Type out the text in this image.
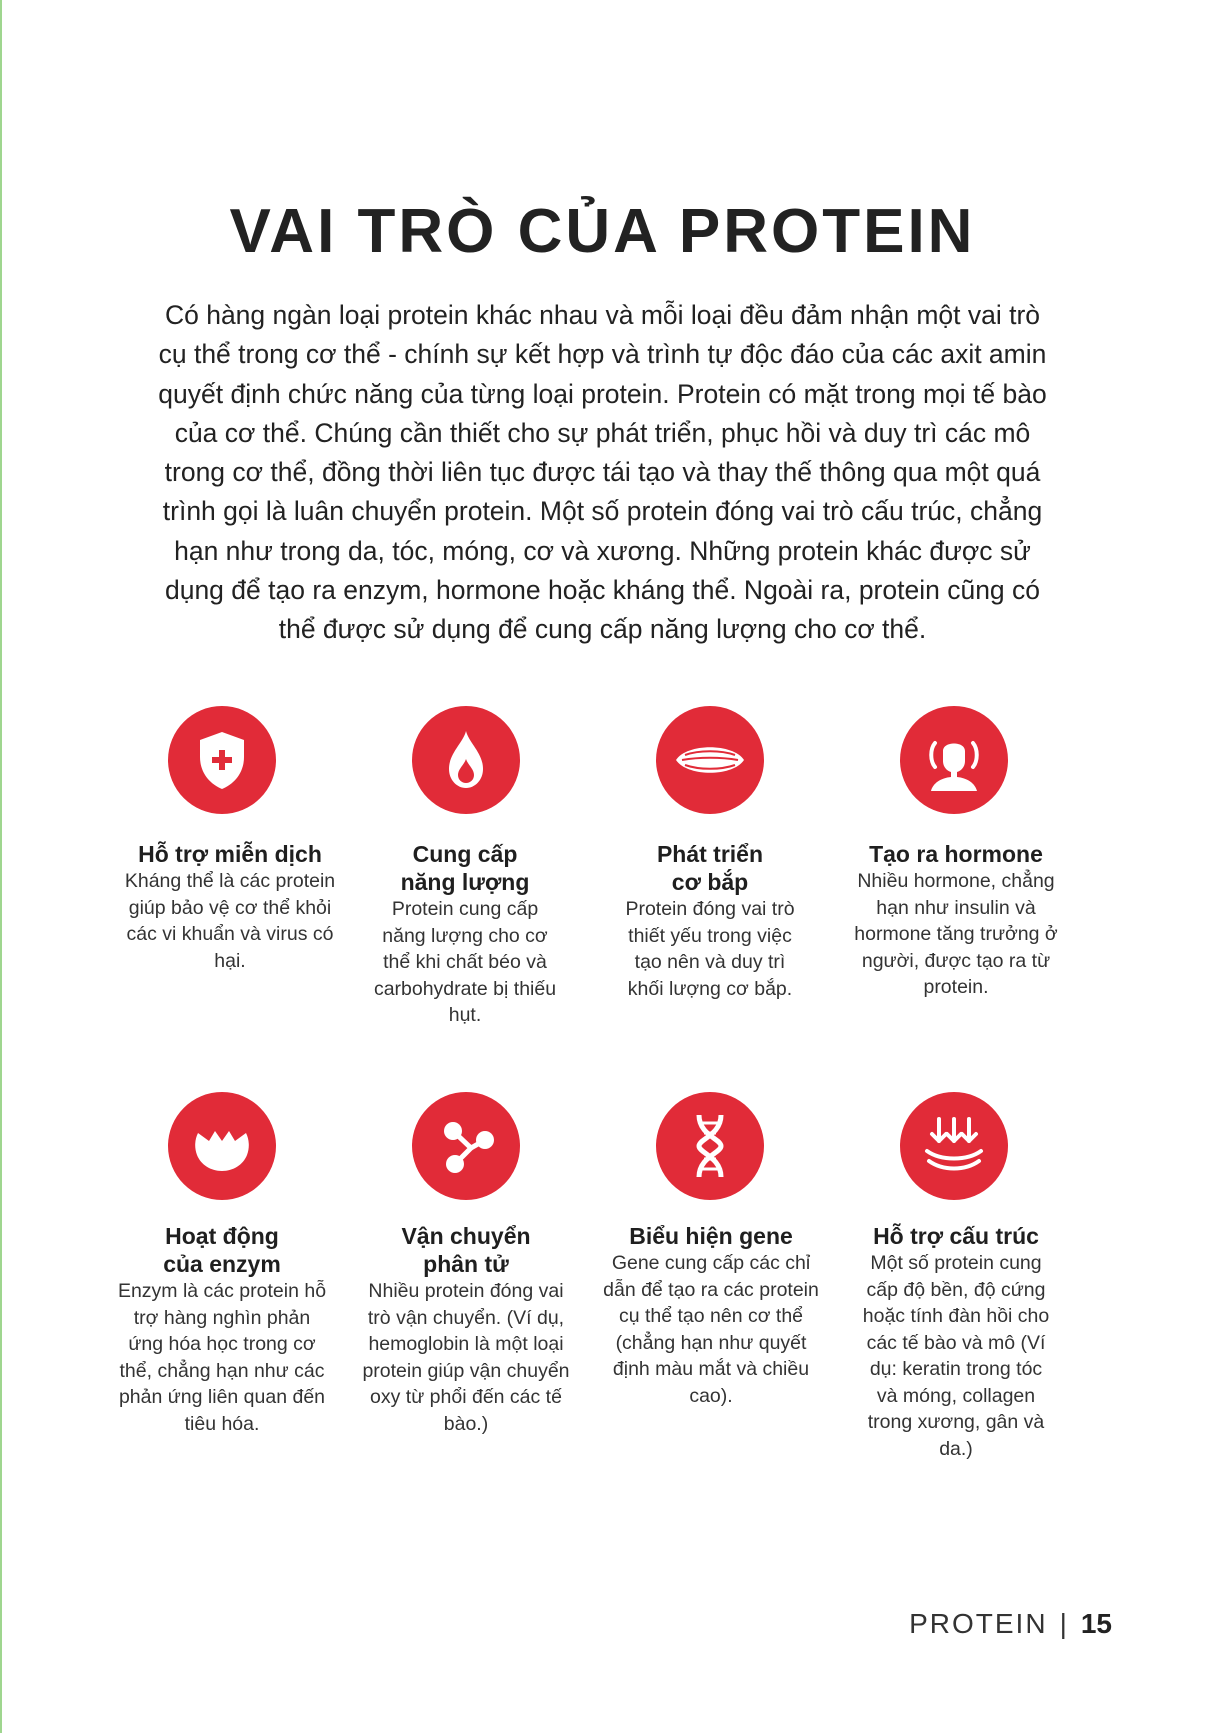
VAI TRÒ CỦA PROTEIN

Có hàng ngàn loại protein khác nhau và mỗi loại đều đảm nhận một vai trò cụ thể trong cơ thể - chính sự kết hợp và trình tự độc đáo của các axit amin quyết định chức năng của từng loại protein. Protein có mặt trong mọi tế bào của cơ thể. Chúng cần thiết cho sự phát triển, phục hồi và duy trì các mô trong cơ thể, đồng thời liên tục được tái tạo và thay thế thông qua một quá trình gọi là luân chuyển protein. Một số protein đóng vai trò cấu trúc, chẳng hạn như trong da, tóc, móng, cơ và xương. Những protein khác được sử dụng để tạo ra enzym, hormone hoặc kháng thể. Ngoài ra, protein cũng có thể được sử dụng để cung cấp năng lượng cho cơ thể.

Hỗ trợ miễn dịch
Kháng thể là các protein giúp bảo vệ cơ thể khỏi các vi khuẩn và virus có hại.
Cung cấp năng lượng
Protein cung cấp năng lượng cho cơ thể khi chất béo và carbohydrate bị thiếu hụt.
Phát triển cơ bắp
Protein đóng vai trò thiết yếu trong việc tạo nên và duy trì khối lượng cơ bắp.
Tạo ra hormone
Nhiều hormone, chẳng hạn như insulin và hormone tăng trưởng ở người, được tạo ra từ protein.
Hoạt động của enzym
Enzym là các protein hỗ trợ hàng nghìn phản ứng hóa học trong cơ thể, chẳng hạn như các phản ứng liên quan đến tiêu hóa.
Vận chuyển phân tử
Nhiều protein đóng vai trò vận chuyển. (Ví dụ, hemoglobin là một loại protein giúp vận chuyển oxy từ phổi đến các tế bào.)
Biểu hiện gene
Gene cung cấp các chỉ dẫn để tạo ra các protein cụ thể tạo nên cơ thể (chẳng hạn như quyết định màu mắt và chiều cao).
Hỗ trợ cấu trúc
Một số protein cung cấp độ bền, độ cứng hoặc tính đàn hồi cho các tế bào và mô (Ví dụ: keratin trong tóc và móng, collagen trong xương, gân và da.)
PROTEIN | 15
